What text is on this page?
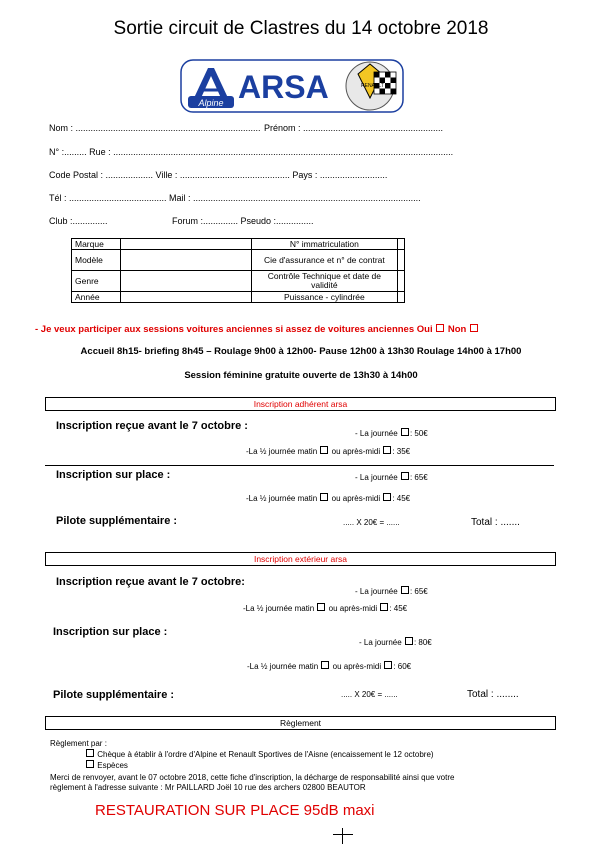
Sortie circuit de Clastres du 14 octobre 2018
Alpine ARSA	RENAULT
Nom : .......................................................................... Prénom : ........................................................
N° :......... Rue : ........................................................................................................................................
Code Postal : ................... Ville : ............................................ Pays : ...........................
Tél : ....................................... Mail : ...........................................................................................
Club :..............	Forum :.............. Pseudo :...............
Marque		N° immatriculation	
Modèle		Cie d'assurance et n° de contrat	
Genre		Contrôle Technique et date de validité	
Année		Puissance - cylindrée	
- Je veux participer aux sessions voitures anciennes si assez de voitures anciennes Oui Non
Accueil 8h15- briefing 8h45 – Roulage 9h00 à 12h00- Pause 12h00 à 13h30 Roulage 14h00 à 17h00
Session féminine gratuite ouverte de 13h30 à 14h00
Inscription adhérent arsa
Inscription reçue avant le 7 octobre :
- La journée : 50€
-La ½ journée matin ou après-midi : 35€
Inscription sur place :	- La journée : 65€
-La ½ journée matin ou après-midi : 45€
Pilote supplémentaire :	..... X 20€ = ......	Total : .......
Inscription extérieur arsa
Inscription reçue avant le 7 octobre:
- La journée : 65€
-La ½ journée matin ou après-midi : 45€
Inscription sur place :
- La journée : 80€
-La ½ journée matin ou après-midi : 60€
Pilote supplémentaire :	..... X 20€ = ......	Total : ........
Règlement
Règlement par :
Chèque à établir à l'ordre d'Alpine et Renault Sportives de l'Aisne (encaissement le 12 octobre)
Espèces
Merci de renvoyer, avant le 07 octobre 2018, cette fiche d'inscription, la décharge de responsabilité ainsi que votre
règlement à l'adresse suivante : Mr PAILLARD Joël 10 rue des archers 02800 BEAUTOR
RESTAURATION SUR PLACE 95dB maxi
